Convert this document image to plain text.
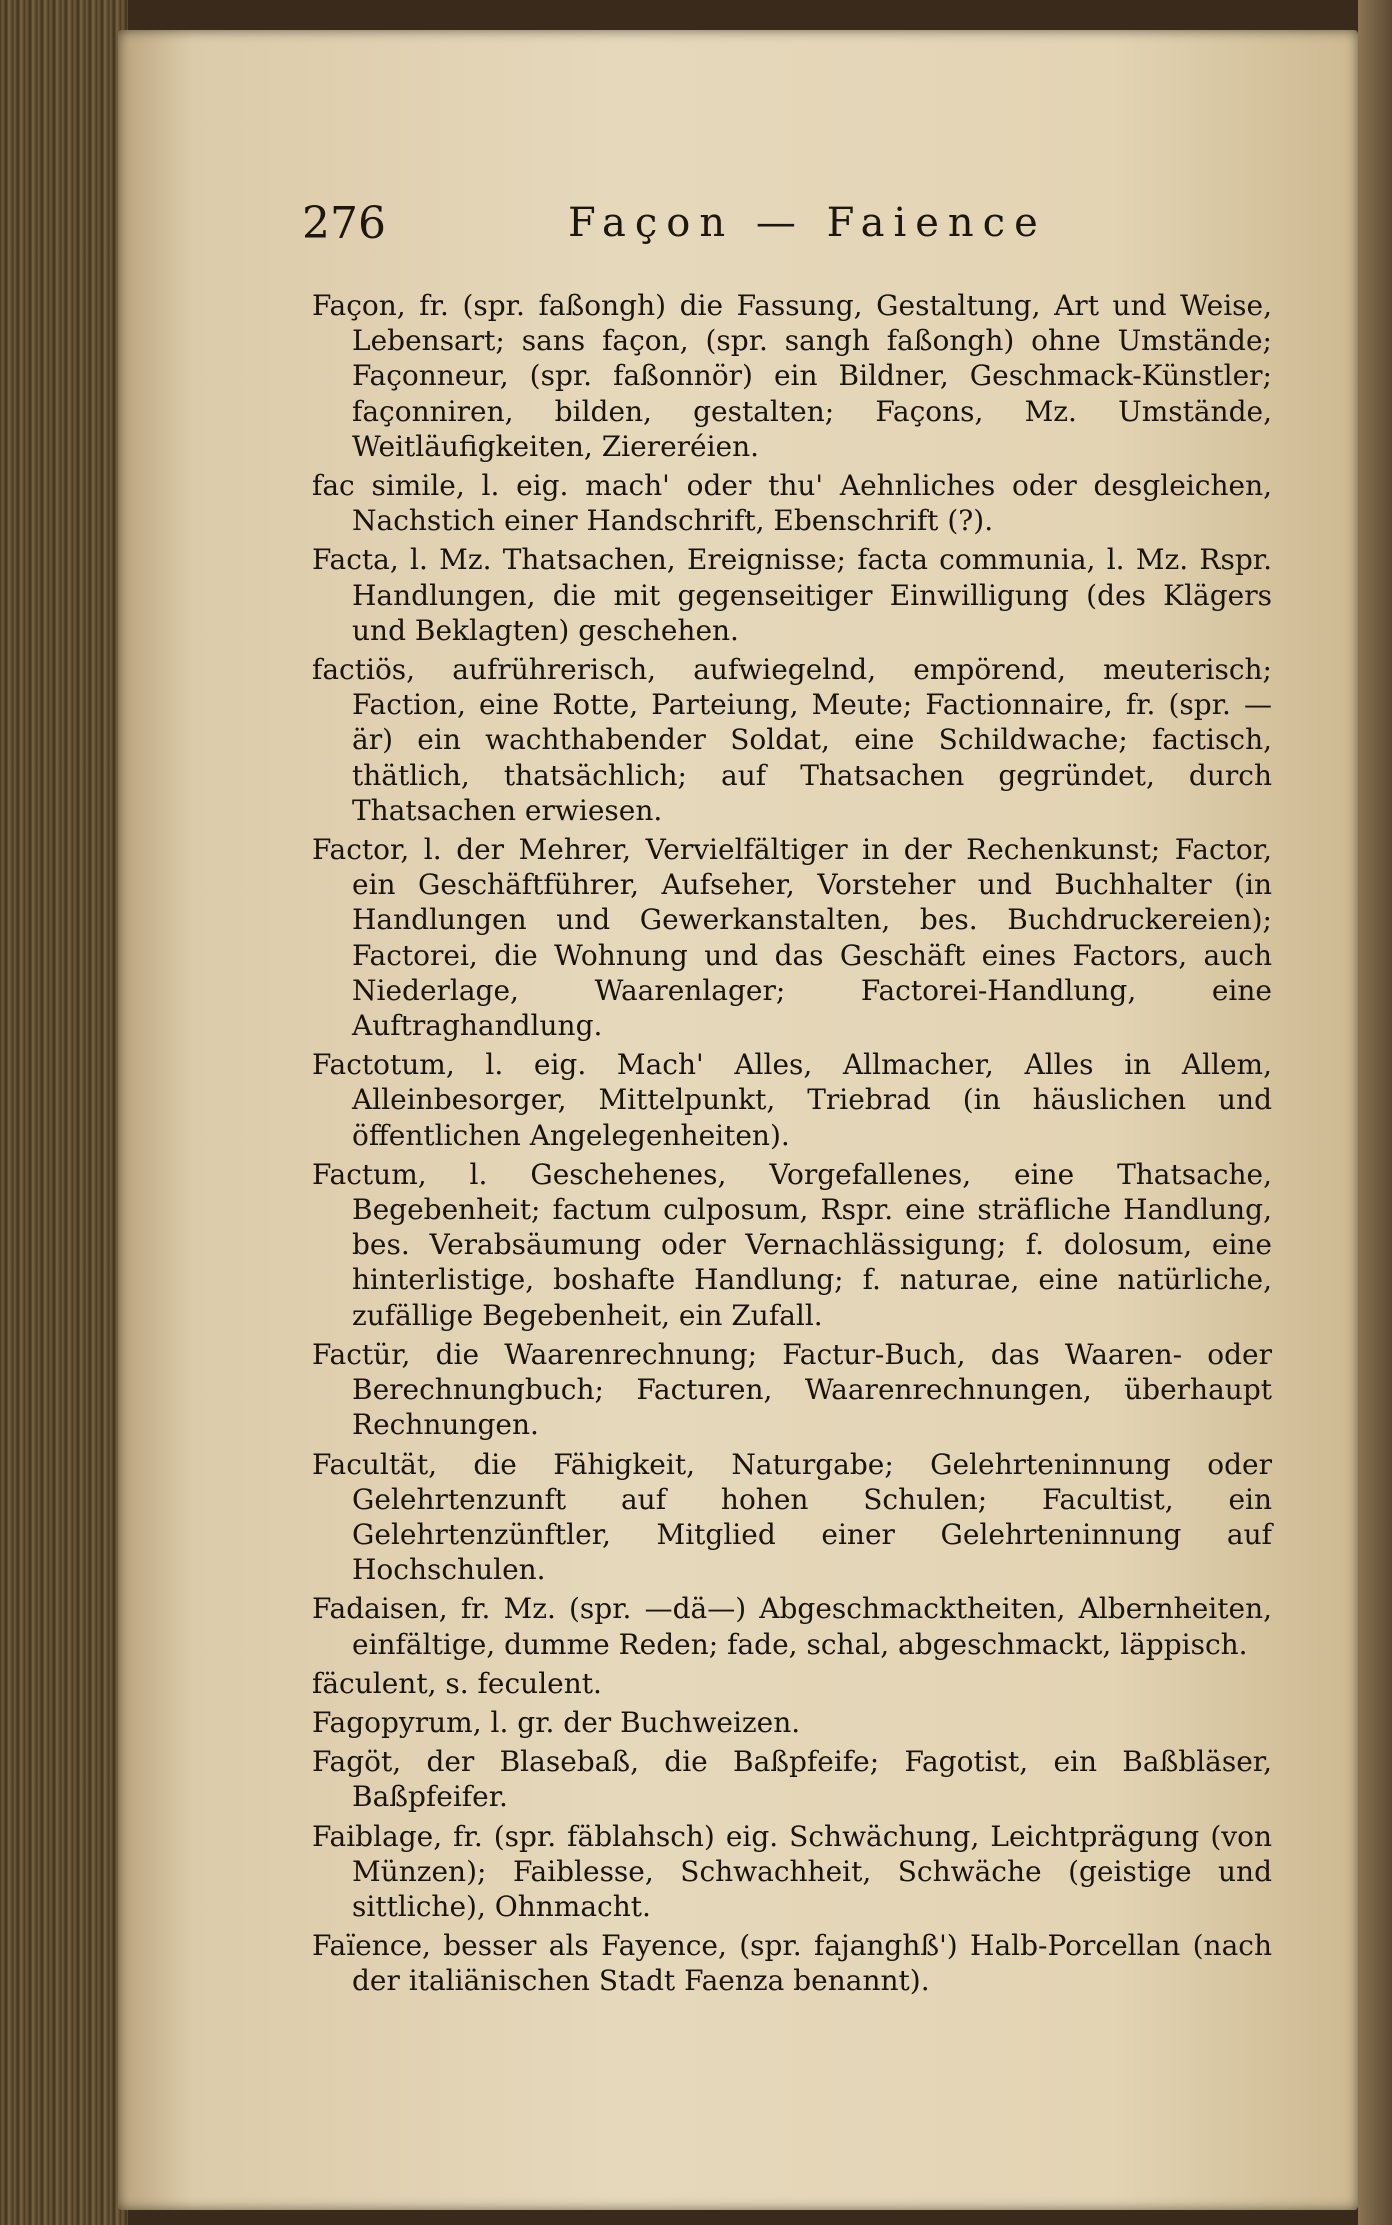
276	Façon — Faience

Façon, fr. (spr. faßongh) die Fassung, Gestaltung, Art und Weise, Lebensart; sans façon, (spr. sangh faßongh) ohne Umstände; Façonneur, (spr. faßonnör) ein Bildner, Geschmack-Künstler; façonniren, bilden, gestalten; Façons, Mz. Umstände, Weitläufigkeiten, Ziereréien.

fac simile, l. eig. mach' oder thu' Aehnliches oder desgleichen, Nachstich einer Handschrift, Ebenschrift (?).

Facta, l. Mz. Thatsachen, Ereignisse; facta communia, l. Mz. Rspr. Handlungen, die mit gegenseitiger Einwilligung (des Klägers und Beklagten) geschehen.

factiös, aufrührerisch, aufwiegelnd, empörend, meuterisch; Faction, eine Rotte, Parteiung, Meute; Factionnaire, fr. (spr. —är) ein wachthabender Soldat, eine Schildwache; factisch, thätlich, thatsächlich; auf Thatsachen gegründet, durch Thatsachen erwiesen.

Factor, l. der Mehrer, Vervielfältiger in der Rechenkunst; Factor, ein Geschäftführer, Aufseher, Vorsteher und Buchhalter (in Handlungen und Gewerkanstalten, bes. Buchdruckereien); Factorei, die Wohnung und das Geschäft eines Factors, auch Niederlage, Waarenlager; Factorei-Handlung, eine Auftraghandlung.

Factotum, l. eig. Mach' Alles, Allmacher, Alles in Allem, Alleinbesorger, Mittelpunkt, Triebrad (in häuslichen und öffentlichen Angelegenheiten).

Factum, l. Geschehenes, Vorgefallenes, eine Thatsache, Begebenheit; factum culposum, Rspr. eine sträfliche Handlung, bes. Verabsäumung oder Vernachlässigung; f. dolosum, eine hinterlistige, boshafte Handlung; f. naturae, eine natürliche, zufällige Begebenheit, ein Zufall.

Factür, die Waarenrechnung; Factur-Buch, das Waaren- oder Berechnungbuch; Facturen, Waarenrechnungen, überhaupt Rechnungen.

Facultät, die Fähigkeit, Naturgabe; Gelehrteninnung oder Gelehrtenzunft auf hohen Schulen; Facultist, ein Gelehrtenzünftler, Mitglied einer Gelehrteninnung auf Hochschulen.

Fadaisen, fr. Mz. (spr. —dä—) Abgeschmacktheiten, Albernheiten, einfältige, dumme Reden; fade, schal, abgeschmackt, läppisch.

fäculent, s. feculent.

Fagopyrum, l. gr. der Buchweizen.

Fagöt, der Blasebaß, die Baßpfeife; Fagotist, ein Baßbläser, Baßpfeifer.

Faiblage, fr. (spr. fäblahsch) eig. Schwächung, Leichtprägung (von Münzen); Faiblesse, Schwachheit, Schwäche (geistige und sittliche), Ohnmacht.

Faïence, besser als Fayence, (spr. fajanghß') Halb-Porcellan (nach der italiänischen Stadt Faenza benannt).
